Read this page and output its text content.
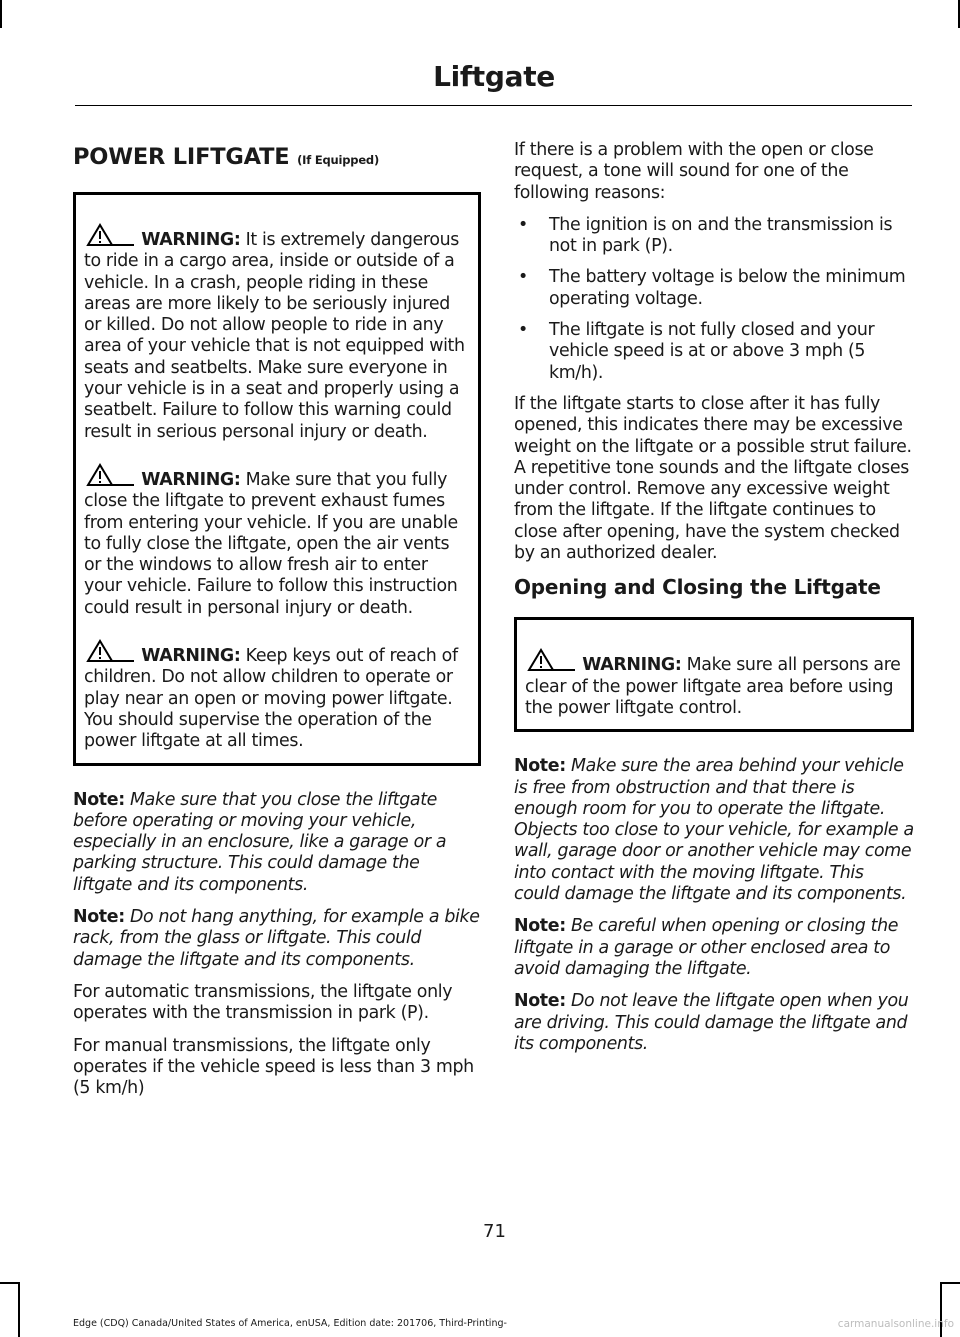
Liftgate
POWER LIFTGATE (If Equipped)
WARNING: It is extremely dangerous to ride in a cargo area, inside or outside of a vehicle. In a crash, people riding in these areas are more likely to be seriously injured or killed. Do not allow people to ride in any area of your vehicle that is not equipped with seats and seatbelts. Make sure everyone in your vehicle is in a seat and properly using a seatbelt. Failure to follow this warning could result in serious personal injury or death.
WARNING: Make sure that you fully close the liftgate to prevent exhaust fumes from entering your vehicle. If you are unable to fully close the liftgate, open the air vents or the windows to allow fresh air to enter your vehicle. Failure to follow this instruction could result in personal injury or death.
WARNING: Keep keys out of reach of children. Do not allow children to operate or play near an open or moving power liftgate. You should supervise the operation of the power liftgate at all times.

Note: Make sure that you close the liftgate before operating or moving your vehicle, especially in an enclosure, like a garage or a parking structure. This could damage the liftgate and its components.

Note: Do not hang anything, for example a bike rack, from the glass or liftgate. This could damage the liftgate and its components.

For automatic transmissions, the liftgate only operates with the transmission in park (P).

For manual transmissions, the liftgate only operates if the vehicle speed is less than 3 mph (5 km/h)

If there is a problem with the open or close request, a tone will sound for one of the following reasons:

• The ignition is on and the transmission is not in park (P).
• The battery voltage is below the minimum operating voltage.
• The liftgate is not fully closed and your vehicle speed is at or above 3 mph (5 km/h).

If the liftgate starts to close after it has fully opened, this indicates there may be excessive weight on the liftgate or a possible strut failure. A repetitive tone sounds and the liftgate closes under control. Remove any excessive weight from the liftgate. If the liftgate continues to close after opening, have the system checked by an authorized dealer.

Opening and Closing the Liftgate
WARNING: Make sure all persons are clear of the power liftgate area before using the power liftgate control.

Note: Make sure the area behind your vehicle is free from obstruction and that there is enough room for you to operate the liftgate. Objects too close to your vehicle, for example a wall, garage door or another vehicle may come into contact with the moving liftgate. This could damage the liftgate and its components.

Note: Be careful when opening or closing the liftgate in a garage or other enclosed area to avoid damaging the liftgate.

Note: Do not leave the liftgate open when you are driving. This could damage the liftgate and its components.

71
Edge (CDQ) Canada/United States of America, enUSA, Edition date: 201706, Third-Printing-	carmanualsonline.info
